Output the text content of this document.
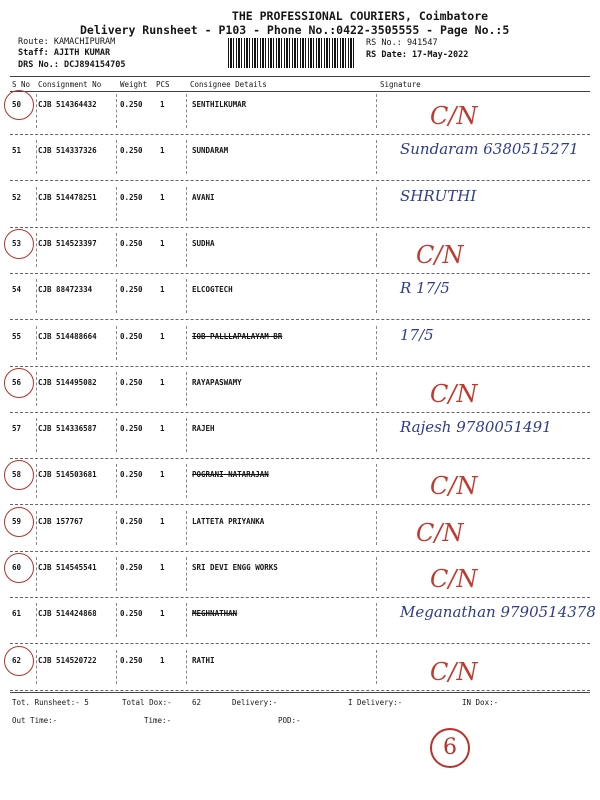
THE PROFESSIONAL COURIERS, Coimbatore
Delivery Runsheet - P103 - Phone No.:0422-3505555 - Page No.:5
Route: KAMACHIPURAM
Staff: AJITH KUMAR
DRS No.: DCJ894154705
RS No.: 941547
RS Date: 17-May-2022
S No Consignment No	Weight PCS	Consignee Details	Signature
50 CJB 514364432	0.250 1	SENTHILKUMAR	C/N
51 CJB 514337326	0.250 1	SUNDARAM	Sundaram 6380515271
52 CJB 514478251	0.250 1	AVANI	SHRUTHI
53 CJB 514523397	0.250 1	SUDHA	C/N
54 CJB 88472334	0.250 1	ELCOGTECH	R 17/5
55 CJB 514488664	0.250 1	IOB PALLLAPALAYAM BR	17/5
56 CJB 514495082	0.250 1	RAYAPASWAMY	C/N
57 CJB 514336587	0.250 1	RAJEH	Rajesh 9780051491
58 CJB 514503681	0.250 1	POGRANI NATARAJAN	C/N
59 CJB 157767	0.250 1	LATTETA PRIYANKA	C/N
60 CJB 514545541	0.250 1	SRI DEVI ENGG WORKS	C/N
61 CJB 514424868	0.250 1	MEGHNATHAN	Meganathan 9790514378
62 CJB 514520722	0.250 1	RATHI	C/N
Tot. Runsheet:- 5	Total Dox:-	62	Delivery:-	I Delivery:-	IN Dox:-
Out Time:-	Time:-	POD:-
6
